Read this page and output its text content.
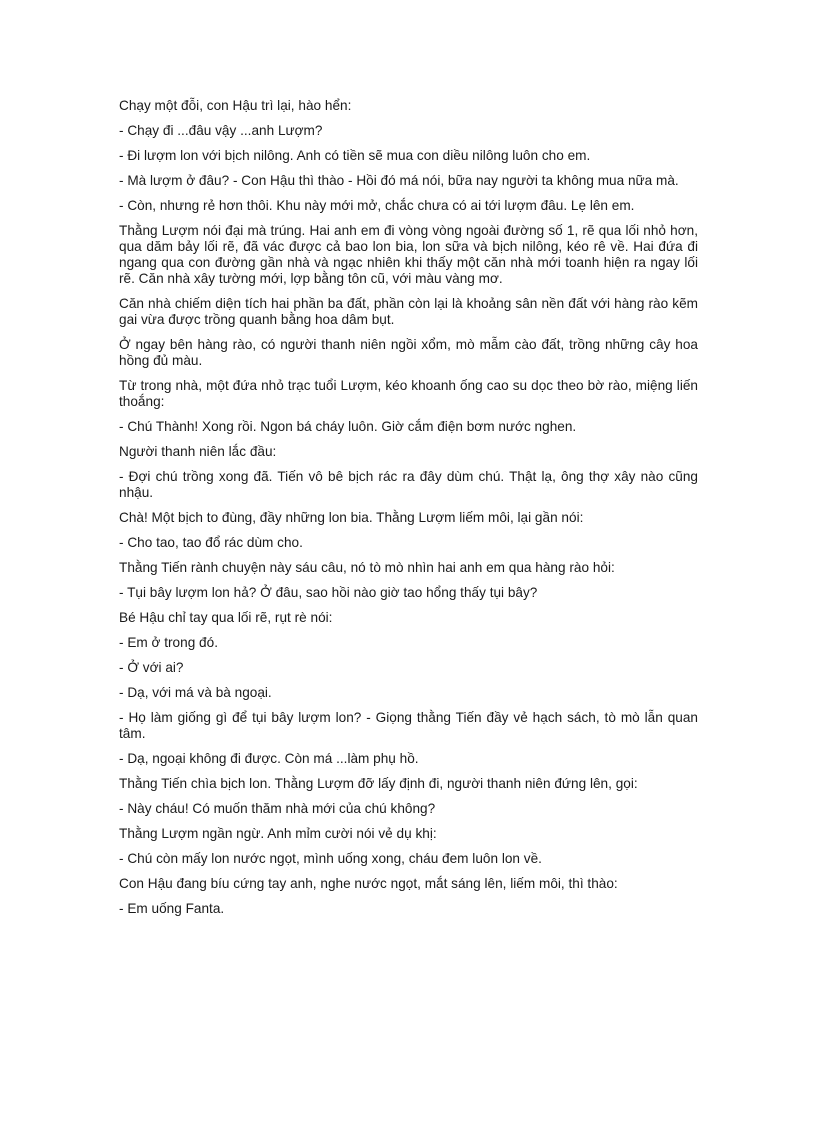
Chạy một đỗi, con Hậu trì lại, hào hển:

- Chạy đi ...đâu vậy ...anh Lượm?

- Đi lượm lon với bịch nilông. Anh có tiền sẽ mua con diều nilông luôn cho em.

- Mà lượm ở đâu? - Con Hậu thì thào - Hồi đó má nói, bữa nay người ta không mua nữa mà.

- Còn, nhưng rẻ hơn thôi. Khu này mới mở, chắc chưa có ai tới lượm đâu. Lẹ lên em.

Thằng Lượm nói đại mà trúng. Hai anh em đi vòng vòng ngoài đường số 1, rẽ qua lối nhỏ hơn, qua dăm bảy lối rẽ, đã vác được cả bao lon bia, lon sữa và bịch nilông, kéo rê về. Hai đứa đi ngang qua con đường gần nhà và ngạc nhiên khi thấy một căn nhà mới toanh hiện ra ngay lối rẽ. Căn nhà xây tường mới, lợp bằng tôn cũ, với màu vàng mơ.

Căn nhà chiếm diện tích hai phần ba đất, phần còn lại là khoảng sân nền đất với hàng rào kẽm gai vừa được trồng quanh bằng hoa dâm bụt.

Ở ngay bên hàng rào, có người thanh niên ngồi xổm, mò mẫm cào đất, trồng những cây hoa hồng đủ màu.

Từ trong nhà, một đứa nhỏ trạc tuổi Lượm, kéo khoanh ống cao su dọc theo bờ rào, miệng liến thoắng:

- Chú Thành! Xong rồi. Ngon bá cháy luôn. Giờ cắm điện bơm nước nghen.

Người thanh niên lắc đầu:

- Đợi chú trồng xong đã. Tiến vô bê bịch rác ra đây dùm chú. Thật lạ, ông thợ xây nào cũng nhậu.

Chà! Một bịch to đùng, đầy những lon bia. Thằng Lượm liếm môi, lại gần nói:

- Cho tao, tao đổ rác dùm cho.

Thằng Tiến rành chuyện này sáu câu, nó tò mò nhìn hai anh em qua hàng rào hỏi:

- Tụi bây lượm lon hả? Ở đâu, sao hồi nào giờ tao hổng thấy tụi bây?

Bé Hậu chỉ tay qua lối rẽ, rụt rè nói:

- Em ở trong đó.

- Ở với ai?

- Dạ, với má và bà ngoại.

- Họ làm giống gì để tụi bây lượm lon? - Giọng thằng Tiến đầy vẻ hạch sách, tò mò lẫn quan tâm.

- Dạ, ngoại không đi được. Còn má ...làm phụ hồ.

Thằng Tiến chìa bịch lon. Thằng Lượm đỡ lấy định đi, người thanh niên đứng lên, gọi:

- Này cháu! Có muốn thăm nhà mới của chú không?

Thằng Lượm ngần ngừ. Anh mỉm cười nói vẻ dụ khị:

- Chú còn mấy lon nước ngọt, mình uống xong, cháu đem luôn lon về.

Con Hậu đang bíu cứng tay anh, nghe nước ngọt, mắt sáng lên, liếm môi, thì thào:

- Em uống Fanta.
